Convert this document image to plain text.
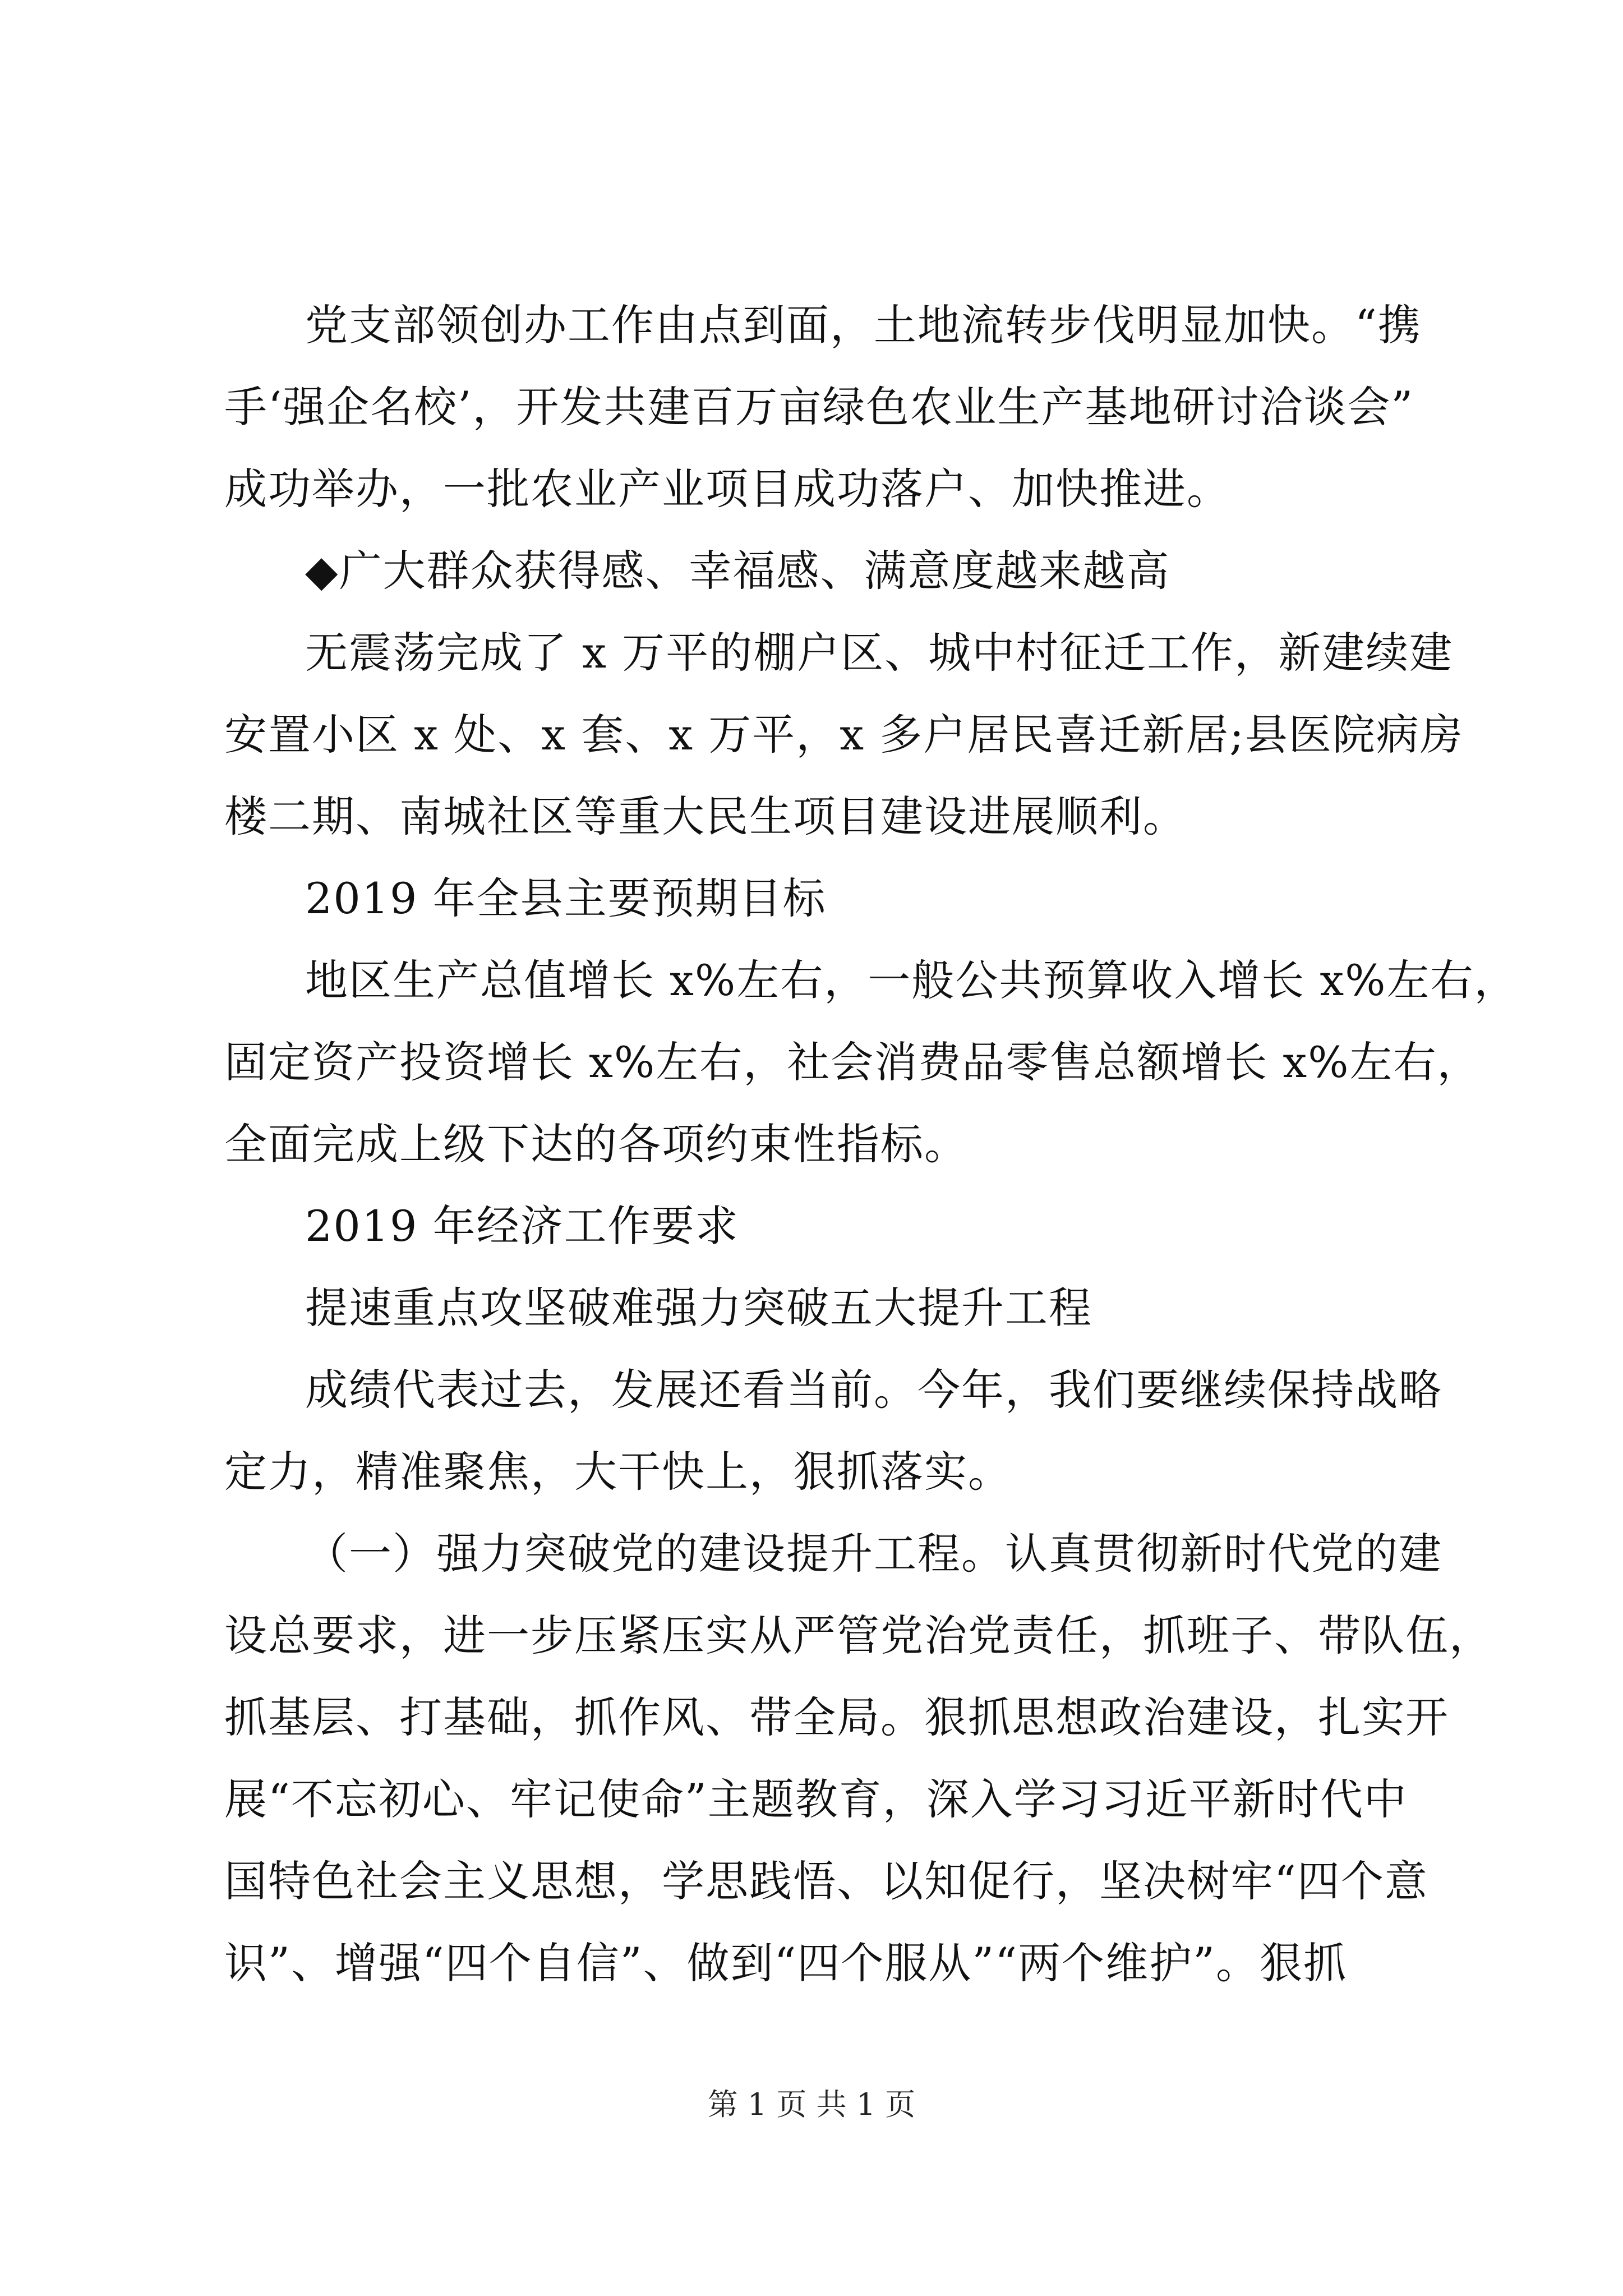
党支部领创办工作由点到面，土地流转步伐明显加快。“携
手‘强企名校’，开发共建百万亩绿色农业生产基地研讨洽谈会”
成功举办，一批农业产业项目成功落户、加快推进。
◆广大群众获得感、幸福感、满意度越来越高
无震荡完成了 x 万平的棚户区、城中村征迁工作，新建续建
安置小区 x 处、x 套、x 万平，x 多户居民喜迁新居;县医院病房
楼二期、南城社区等重大民生项目建设进展顺利。
2019 年全县主要预期目标
地区生产总值增长 x%左右，一般公共预算收入增长 x%左右，
固定资产投资增长 x%左右，社会消费品零售总额增长 x%左右，
全面完成上级下达的各项约束性指标。
2019 年经济工作要求
提速重点攻坚破难强力突破五大提升工程
成绩代表过去，发展还看当前。今年，我们要继续保持战略
定力，精准聚焦，大干快上，狠抓落实。
（一）强力突破党的建设提升工程。认真贯彻新时代党的建
设总要求，进一步压紧压实从严管党治党责任，抓班子、带队伍，
抓基层、打基础，抓作风、带全局。狠抓思想政治建设，扎实开
展“不忘初心、牢记使命”主题教育，深入学习习近平新时代中
国特色社会主义思想，学思践悟、以知促行，坚决树牢“四个意
识”、增强“四个自信”、做到“四个服从”“两个维护”。狠抓
第 1 页 共 1 页
